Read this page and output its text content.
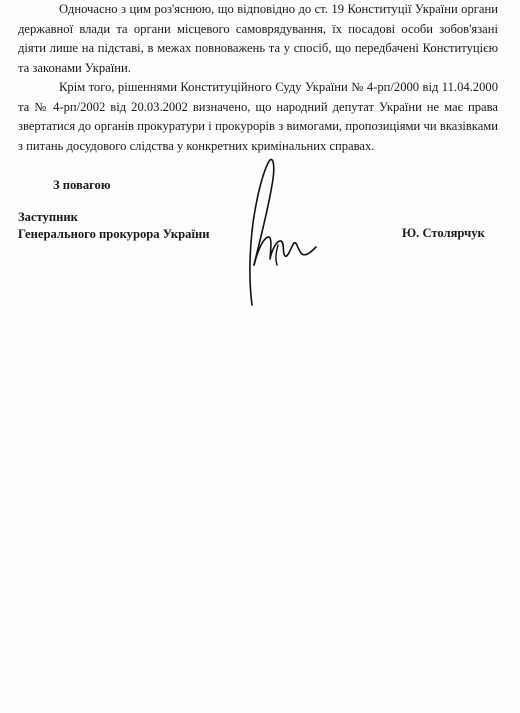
Одночасно з цим роз'яснюю, що відповідно до ст. 19 Конституції України органи державної влади та органи місцевого самоврядування, їх посадові особи зобов'язані діяти лише на підставі, в межах повноважень та у спосіб, що передбачені Конституцією та законами України.

Крім того, рішеннями Конституційного Суду України № 4-рп/2000 від 11.04.2000 та № 4-рп/2002 від 20.03.2002 визначено, що народний депутат України не має права звертатися до органів прокуратури і прокурорів з вимогами, пропозиціями чи вказівками з питань досудового слідства у конкретних кримінальних справах.

З повагою
Заступник
Генерального прокурора України	Ю. Столярчук
